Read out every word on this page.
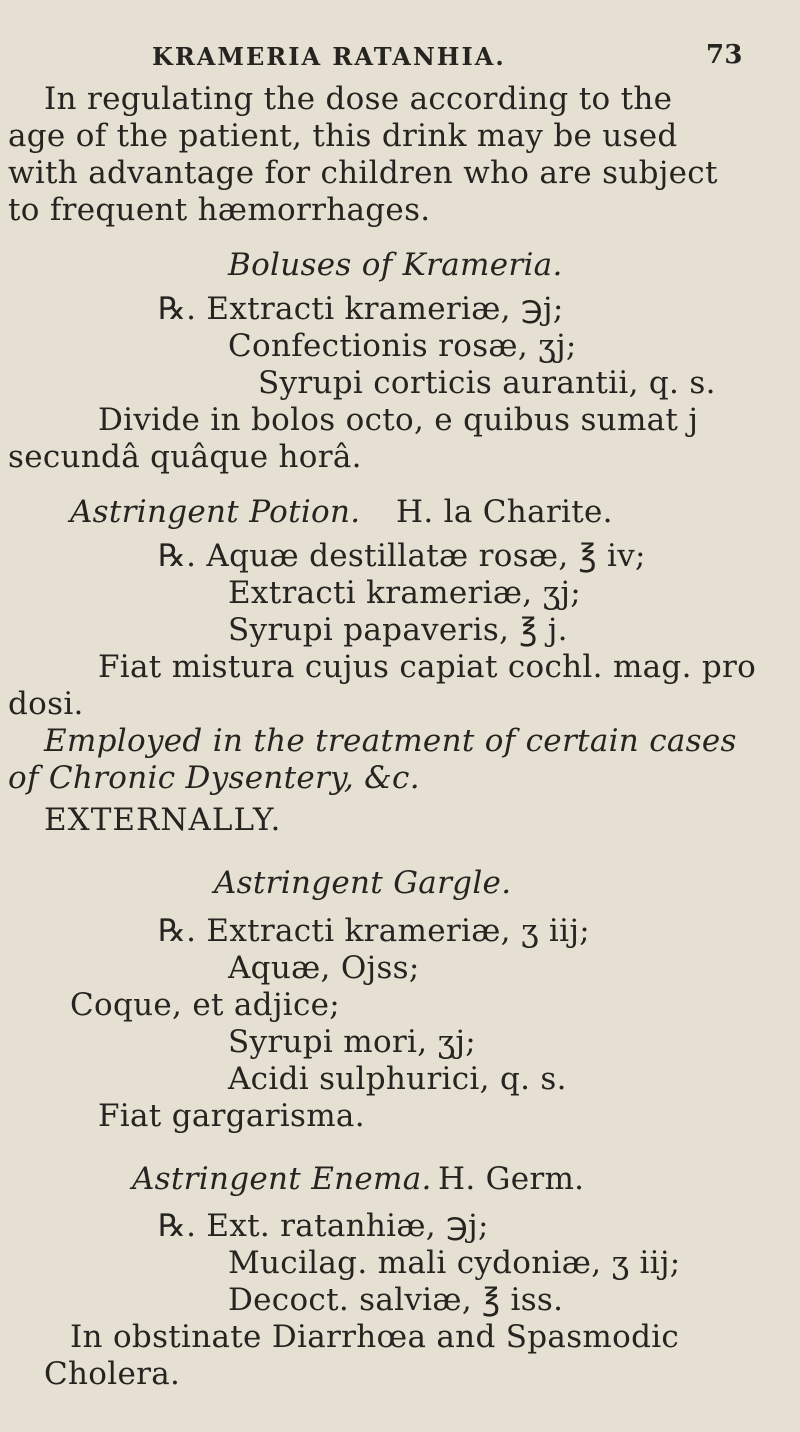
KRAMERIA RATANHIA.	73
In regulating the dose according to the
age of the patient, this drink may be used
with advantage for children who are subject
to frequent hæmorrhages.
Boluses of Krameria.
℞. Extracti krameriæ, ℈j;
Confectionis rosæ, ʒj;
Syrupi corticis aurantii, q. s.
Divide in bolos octo, e quibus sumat j
secundâ quâque horâ.
Astringent Potion. H. la Charite.
℞. Aquæ destillatæ rosæ, ℥ iv;
Extracti krameriæ, ʒj;
Syrupi papaveris, ℥ j.
Fiat mistura cujus capiat cochl. mag. pro
dosi.
Employed in the treatment of certain cases
of Chronic Dysentery, &c.
EXTERNALLY.
Astringent Gargle.
℞. Extracti krameriæ, ʒ iij;
Aquæ, Ojss;
Coque, et adjice;
Syrupi mori, ʒj;
Acidi sulphurici, q. s.
Fiat gargarisma.
Astringent Enema. H. Germ.
℞. Ext. ratanhiæ, ℈j;
Mucilag. mali cydoniæ, ʒ iij;
Decoct. salviæ, ℥ iss.
In obstinate Diarrhœa and Spasmodic
Cholera.
